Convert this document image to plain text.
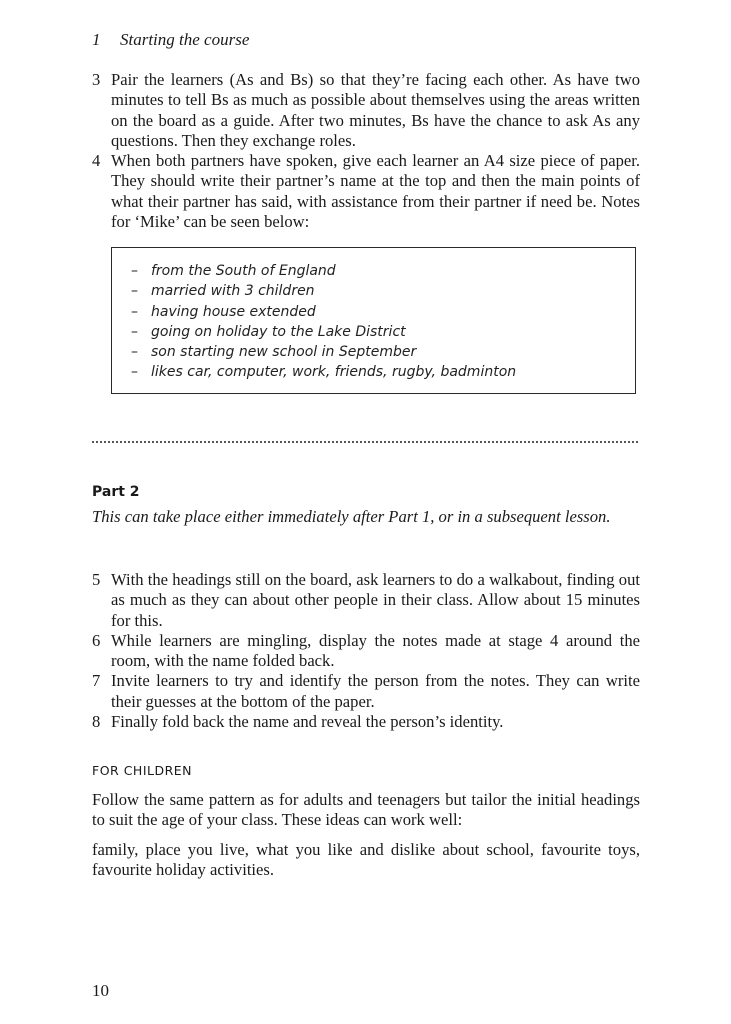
1 Starting the course
3 Pair the learners (As and Bs) so that they’re facing each other. As have two minutes to tell Bs as much as possible about themselves using the areas written on the board as a guide. After two minutes, Bs have the chance to ask As any questions. Then they exchange roles.
4 When both partners have spoken, give each learner an A4 size piece of paper. They should write their partner’s name at the top and then the main points of what their partner has said, with assistance from their partner if need be. Notes for ‘Mike’ can be seen below:
– from the South of England
– married with 3 children
– having house extended
– going on holiday to the Lake District
– son starting new school in September
– likes car, computer, work, friends, rugby, badminton
Part 2

This can take place either immediately after Part 1, or in a subsequent lesson.

5 With the headings still on the board, ask learners to do a walkabout, finding out as much as they can about other people in their class. Allow about 15 minutes for this.
6 While learners are mingling, display the notes made at stage 4 around the room, with the name folded back.
7 Invite learners to try and identify the person from the notes. They can write their guesses at the bottom of the paper.
8 Finally fold back the name and reveal the person’s identity.
FOR CHILDREN

Follow the same pattern as for adults and teenagers but tailor the initial headings to suit the age of your class. These ideas can work well:

family, place you live, what you like and dislike about school, favourite toys, favourite holiday activities.

10
